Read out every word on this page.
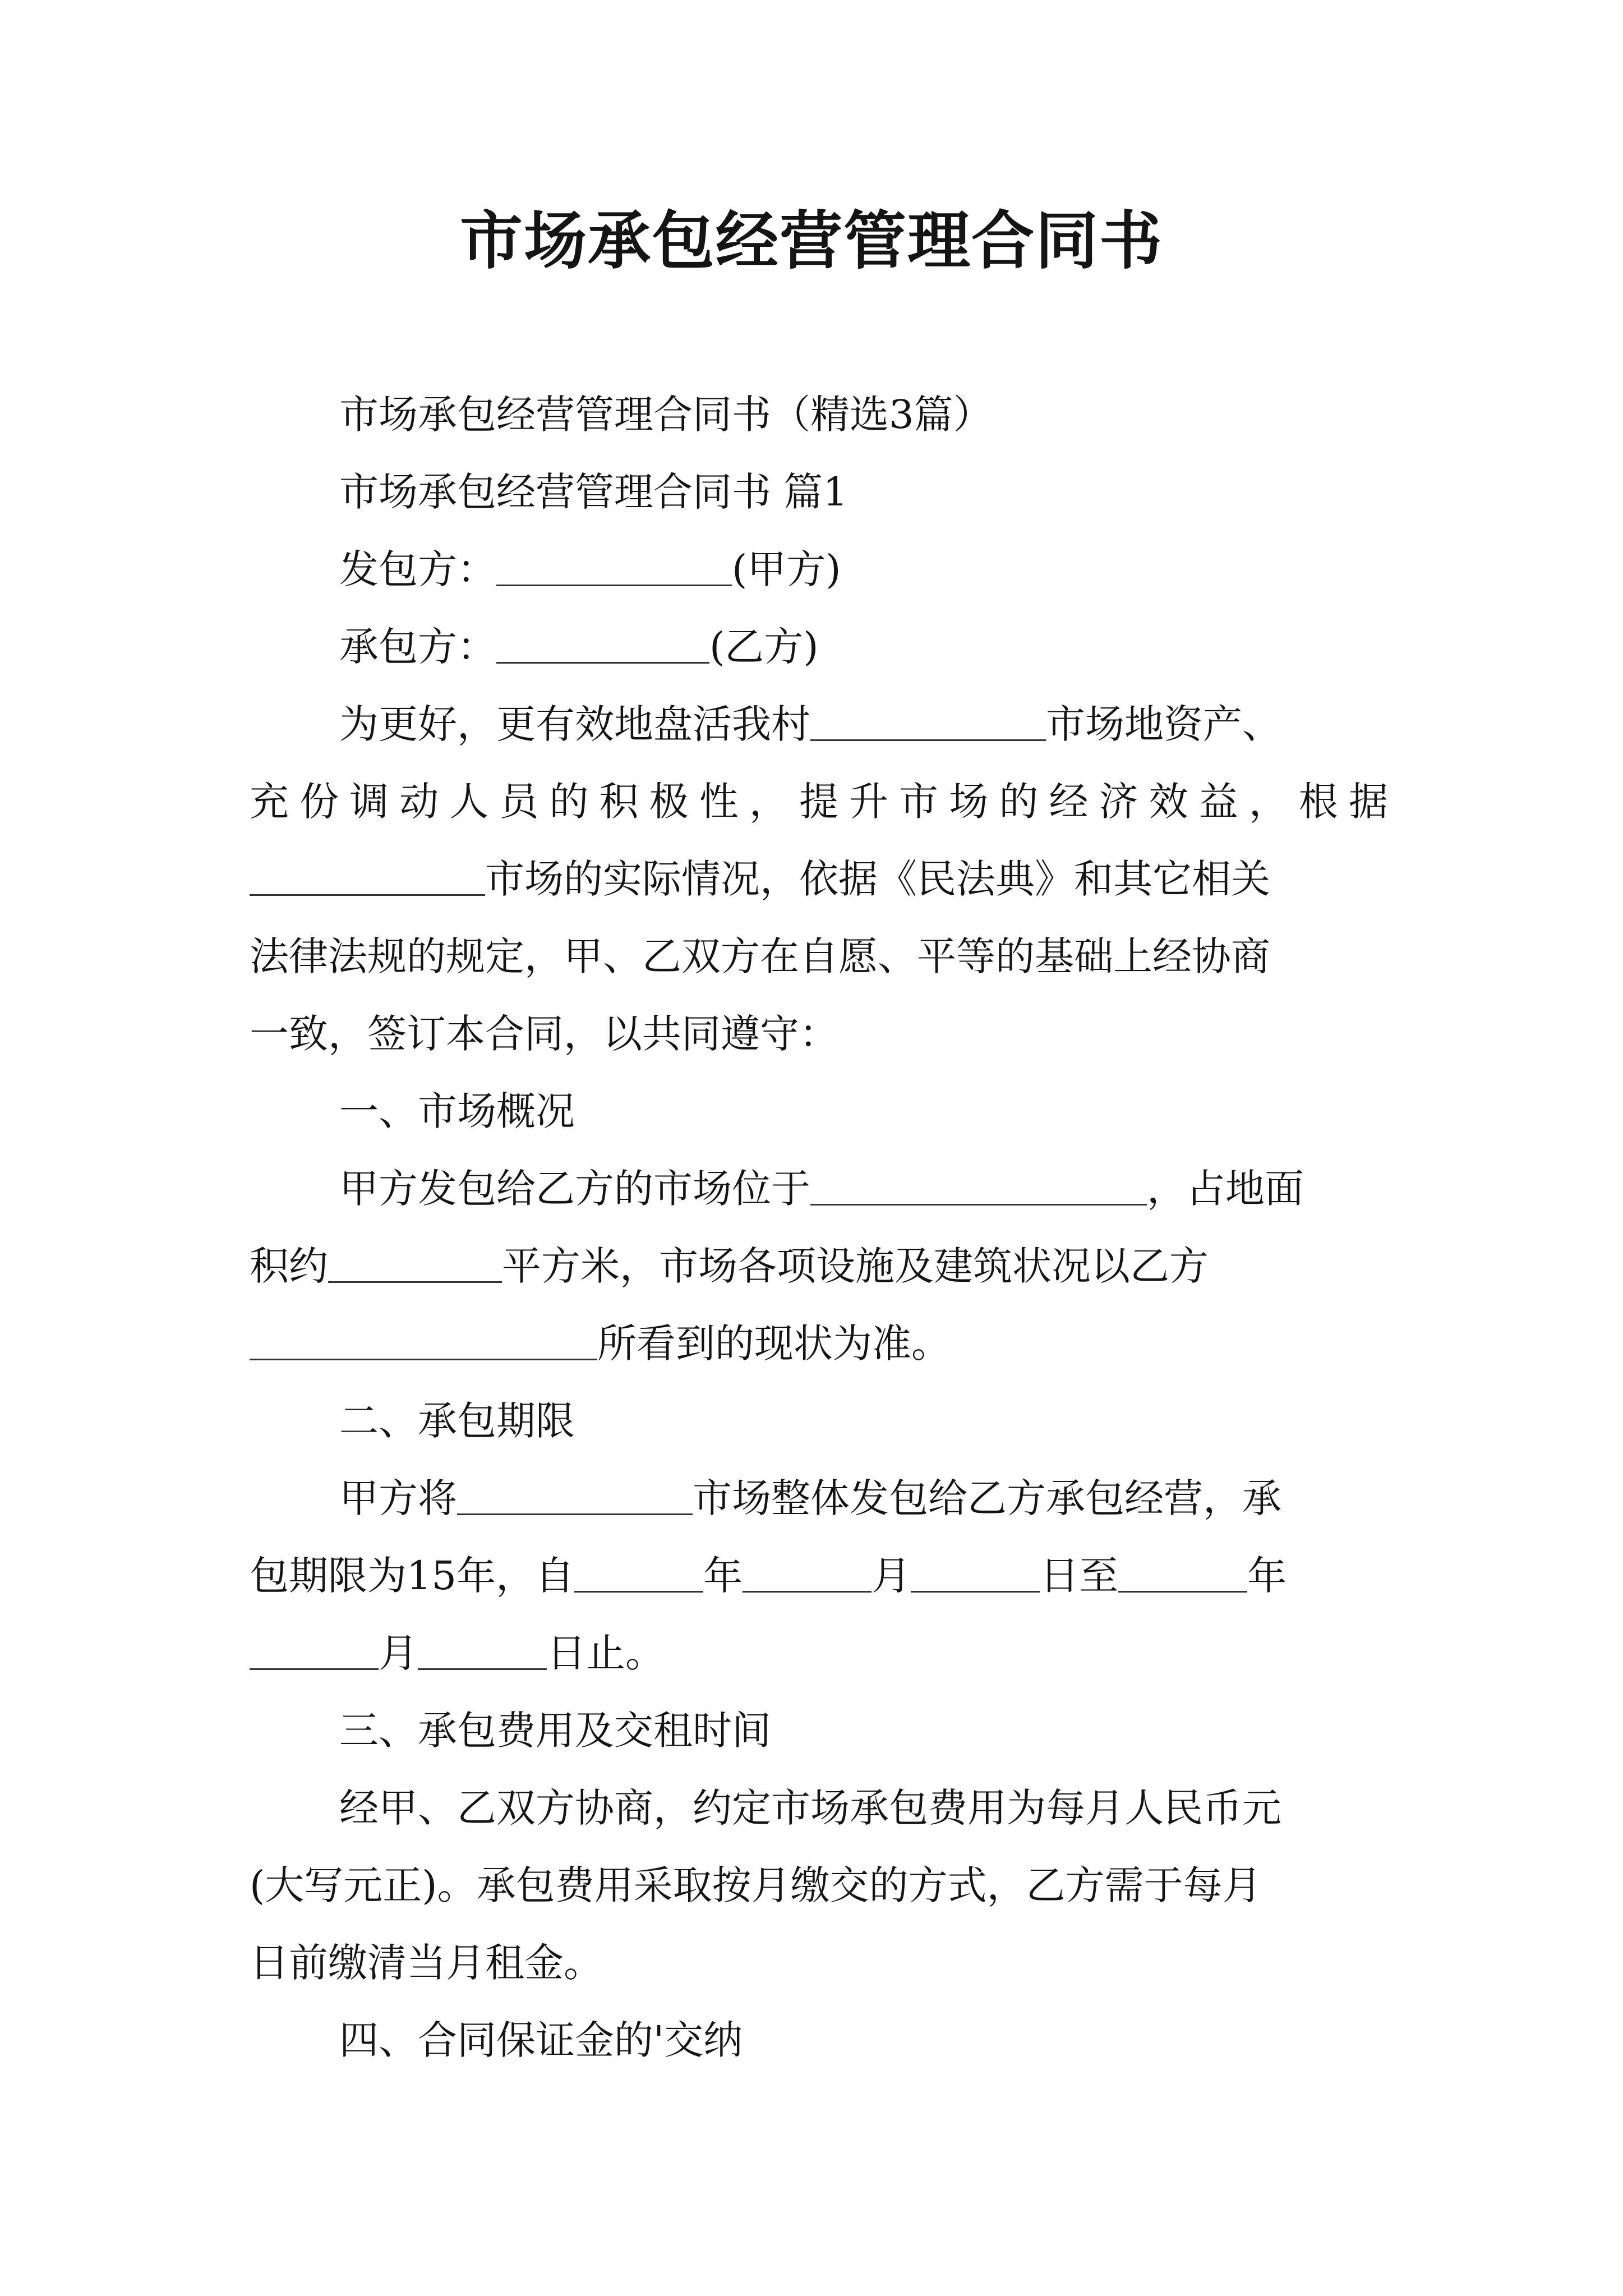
市场承包经营管理合同书

市场承包经营管理合同书（精选3篇）

市场承包经营管理合同书 篇1

发包方：	(甲方)

承包方：	(乙方)

为更好，更有效地盘活我村	市场地资产、

充份调动人员的积极性，提升市场的经济效益，根据

市场的实际情况，依据《民法典》和其它相关

法律法规的规定，甲、乙双方在自愿、平等的基础上经协商

一致，签订本合同，以共同遵守：

一、市场概况

甲方发包给乙方的市场位于	，占地面

积约	平方米，市场各项设施及建筑状况以乙方

所看到的现状为准。

二、承包期限

甲方将	市场整体发包给乙方承包经营，承

包期限为15年，自	年	月	日至	年

月	日止。

三、承包费用及交租时间

经甲、乙双方协商，约定市场承包费用为每月人民币元

(大写元正)。承包费用采取按月缴交的方式，乙方需于每月

日前缴清当月租金。

四、合同保证金的'交纳
